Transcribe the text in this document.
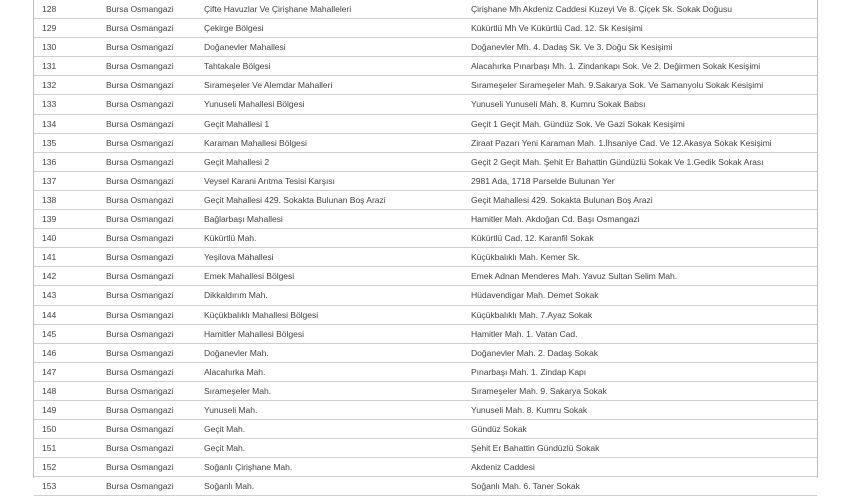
128	Bursa Osmangazi	Çifte Havuzlar Ve Çirişhane Mahalleleri	Çirişhane Mh Akdeniz Caddesi Kuzeyi Ve 8. Çiçek Sk. Sokak Doğusu
129	Bursa Osmangazi	Çekirge Bölgesi	Kükürtlü Mh Ve Kükürtlü Cad. 12. Sk Kesişimi
130	Bursa Osmangazi	Doğanevler Mahallesi	Doğanevler Mh. 4. Dadaş Sk. Ve 3. Doğu Sk Kesişimi
131	Bursa Osmangazi	Tahtakale Bölgesi	Alacahırka Pınarbaşı Mh. 1. Zindankapı Sok. Ve 2. Değirmen Sokak Kesişimi
132	Bursa Osmangazi	Sırameşeler Ve Alemdar Mahalleri	Sırameşeler Sırameşeler Mah. 9.Sakarya Sok. Ve Samanyolu Sokak Kesişimi
133	Bursa Osmangazi	Yunuseli Mahallesi Bölgesi	Yunuseli Yunuseli Mah. 8. Kumru Sokak Babsı
134	Bursa Osmangazi	Geçit Mahallesi 1	Geçit 1 Geçit Mah. Gündüz Sok. Ve Gazi Sokak Kesişimi
135	Bursa Osmangazi	Karaman Mahallesi Bölgesi	Ziraat Pazarı Yeni Karaman Mah. 1.İhsaniye Cad. Ve 12.Akasya Sokak Kesişimi
136	Bursa Osmangazi	Geçit Mahallesi 2	Geçit 2 Geçit Mah. Şehit Er Bahattin Gündüzlü Sokak Ve 1.Gedik Sokak Arası
137	Bursa Osmangazi	Veysel Karani Arıtma Tesisi Karşısı	2981 Ada, 1718 Parselde Bulunan Yer
138	Bursa Osmangazi	Geçit Mahallesi 429. Sokakta Bulunan Boş Arazi	Geçit Mahallesi 429. Sokakta Bulunan Boş Arazi
139	Bursa Osmangazi	Bağlarbaşı Mahallesi	Hamitler Mah. Akdoğan Cd. Başı Osmangazi
140	Bursa Osmangazi	Kükürtlü Mah.	Kükürtlü Cad. 12. Karanfil Sokak
141	Bursa Osmangazi	Yeşilova Mahallesi	Küçükbalıklı Mah. Kemer Sk.
142	Bursa Osmangazi	Emek Mahallesi Bölgesi	Emek Adnan Menderes Mah. Yavuz Sultan Selim Mah.
143	Bursa Osmangazi	Dikkaldırım Mah.	Hüdavendigar Mah. Demet Sokak
144	Bursa Osmangazi	Küçükbalıklı Mahallesi Bölgesi	Küçükbalıklı Mah. 7.Ayaz Sokak
145	Bursa Osmangazi	Hamitler Mahallesi Bölgesi	Hamitler Mah. 1. Vatan Cad.
146	Bursa Osmangazi	Doğanevler Mah.	Doğanevler Mah. 2. Dadaş Sokak
147	Bursa Osmangazi	Alacahırka Mah.	Pınarbaşı Mah. 1. Zindap Kapı
148	Bursa Osmangazi	Sırameşeler Mah.	Sırameşeler Mah. 9. Sakarya Sokak
149	Bursa Osmangazi	Yunuseli Mah.	Yunuseli Mah. 8. Kumru Sokak
150	Bursa Osmangazi	Geçit Mah.	Gündüz Sokak
151	Bursa Osmangazi	Geçit Mah.	Şehit Er Bahattin Gündüzlü Sokak
152	Bursa Osmangazi	Soğanlı Çirişhane Mah.	Akdeniz Caddesi
153	Bursa Osmangazi	Soğanlı Mah.	Soğanlı Mah. 6. Taner Sokak
